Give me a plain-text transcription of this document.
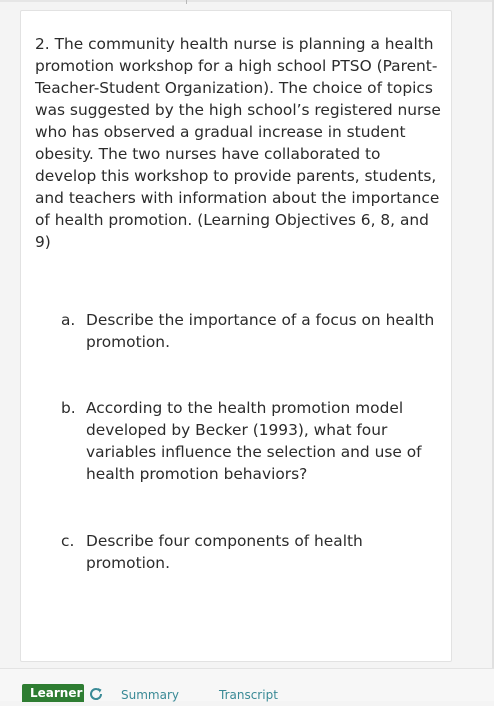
2. The community health nurse is planning a health promotion workshop for a high school PTSO (Parent-Teacher-Student Organization). The choice of topics was suggested by the high school’s registered nurse who has observed a gradual increase in student obesity. The two nurses have collaborated to develop this workshop to provide parents, students, and teachers with information about the importance of health promotion. (Learning Objectives 6, 8, and 9)

a. Describe the importance of a focus on health promotion.
b. According to the health promotion model developed by Becker (1993), what four variables influence the selection and use of health promotion behaviors?
c. Describe four components of health promotion.
Learner	Summary	Transcript
